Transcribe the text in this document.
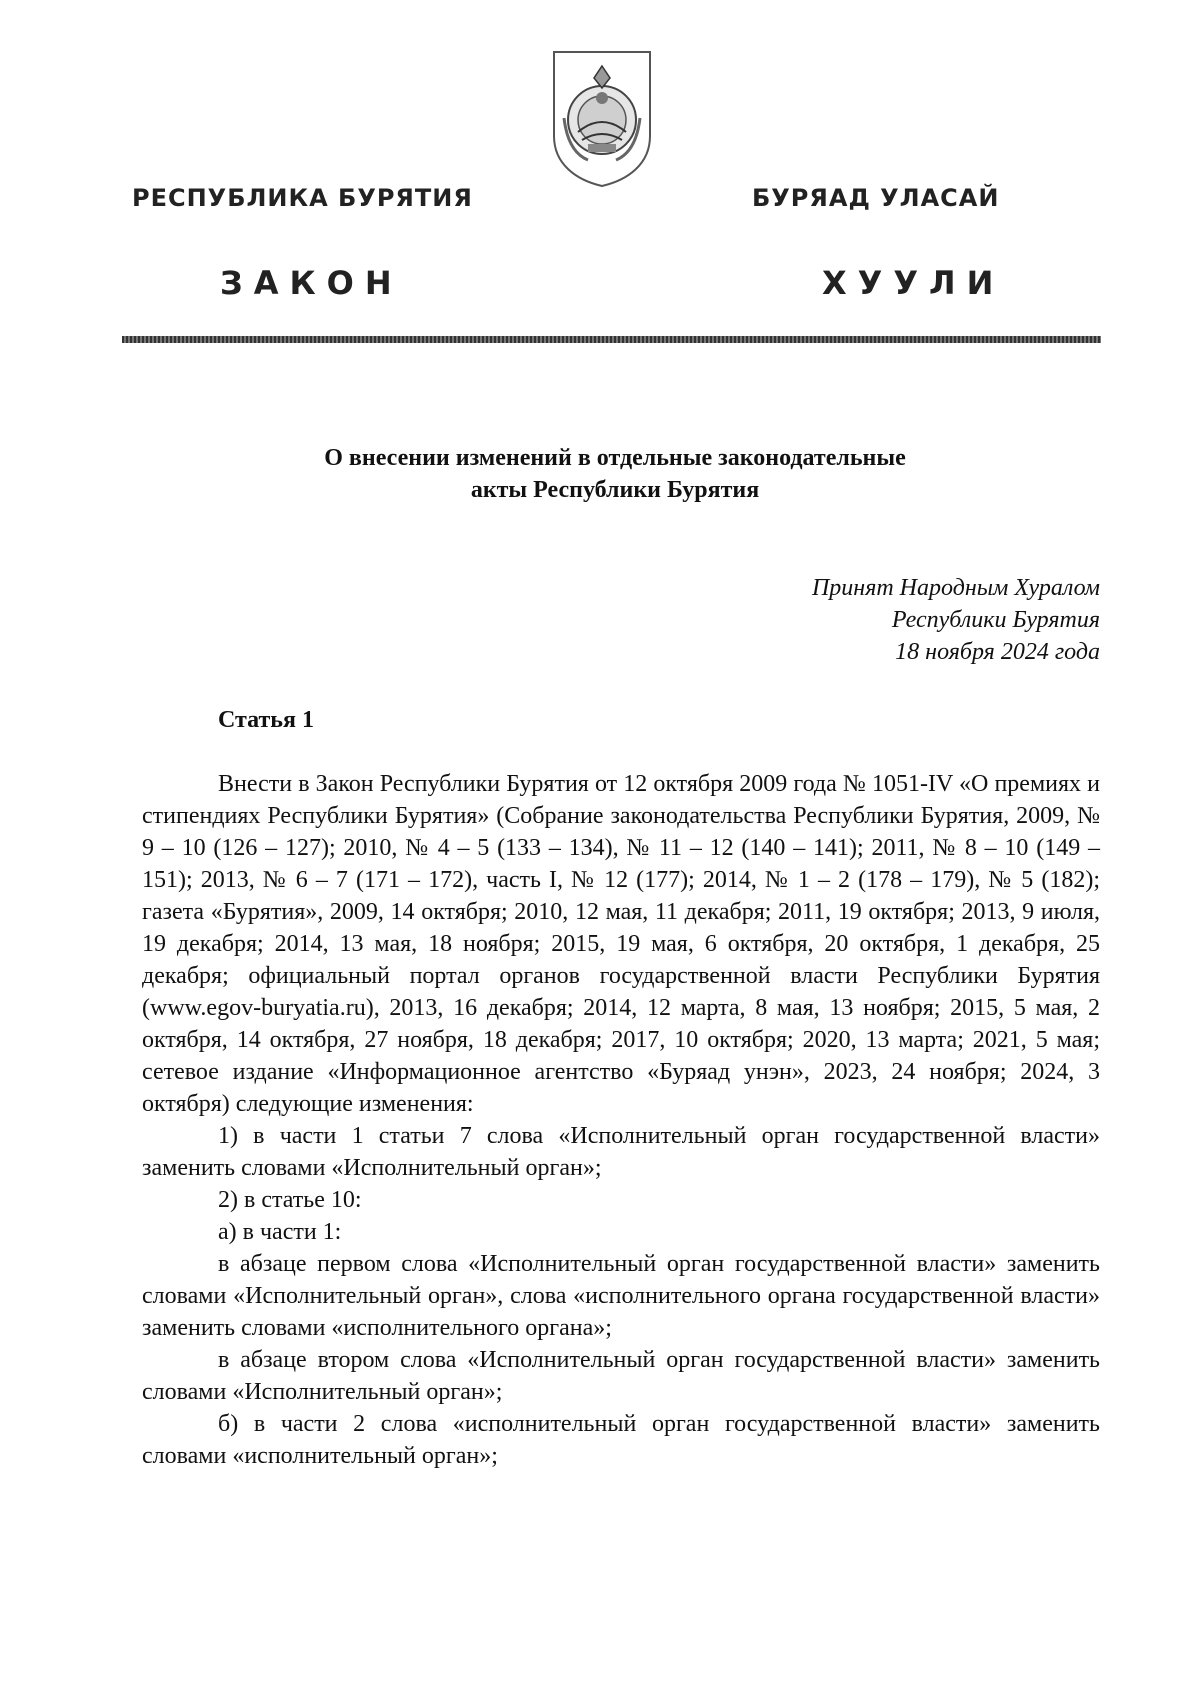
РЕСПУБЛИКА БУРЯТИЯ	БУРЯАД УЛАСАЙ
ЗАКОН	ХУУЛИ
О внесении изменений в отдельные законодательные
акты Республики Бурятия
Принят Народным Хуралом
Республики Бурятия
18 ноября 2024 года
Статья 1

Внести в Закон Республики Бурятия от 12 октября 2009 года № 1051-IV «О премиях и стипендиях Республики Бурятия» (Собрание законодательства Республики Бурятия, 2009, № 9 – 10 (126 – 127); 2010, № 4 – 5 (133 – 134), № 11 – 12 (140 – 141); 2011, № 8 – 10 (149 – 151); 2013, № 6 – 7 (171 – 172), часть I, № 12 (177); 2014, № 1 – 2 (178 – 179), № 5 (182); газета «Бурятия», 2009, 14 октября; 2010, 12 мая, 11 декабря; 2011, 19 октября; 2013, 9 июля, 19 декабря; 2014, 13 мая, 18 ноября; 2015, 19 мая, 6 октября, 20 октября, 1 декабря, 25 декабря; официальный портал органов государственной власти Республики Бурятия (www.egov-buryatia.ru), 2013, 16 декабря; 2014, 12 марта, 8 мая, 13 ноября; 2015, 5 мая, 2 октября, 14 октября, 27 ноября, 18 декабря; 2017, 10 октября; 2020, 13 марта; 2021, 5 мая; сетевое издание «Информационное агентство «Буряад унэн», 2023, 24 ноября; 2024, 3 октября) следующие изменения:

1) в части 1 статьи 7 слова «Исполнительный орган государственной власти» заменить словами «Исполнительный орган»;

2) в статье 10:

а) в части 1:

в абзаце первом слова «Исполнительный орган государственной власти» заменить словами «Исполнительный орган», слова «исполнительного органа государственной власти» заменить словами «исполнительного органа»;

в абзаце втором слова «Исполнительный орган государственной власти» заменить словами «Исполнительный орган»;

б) в части 2 слова «исполнительный орган государственной власти» заменить словами «исполнительный орган»;
